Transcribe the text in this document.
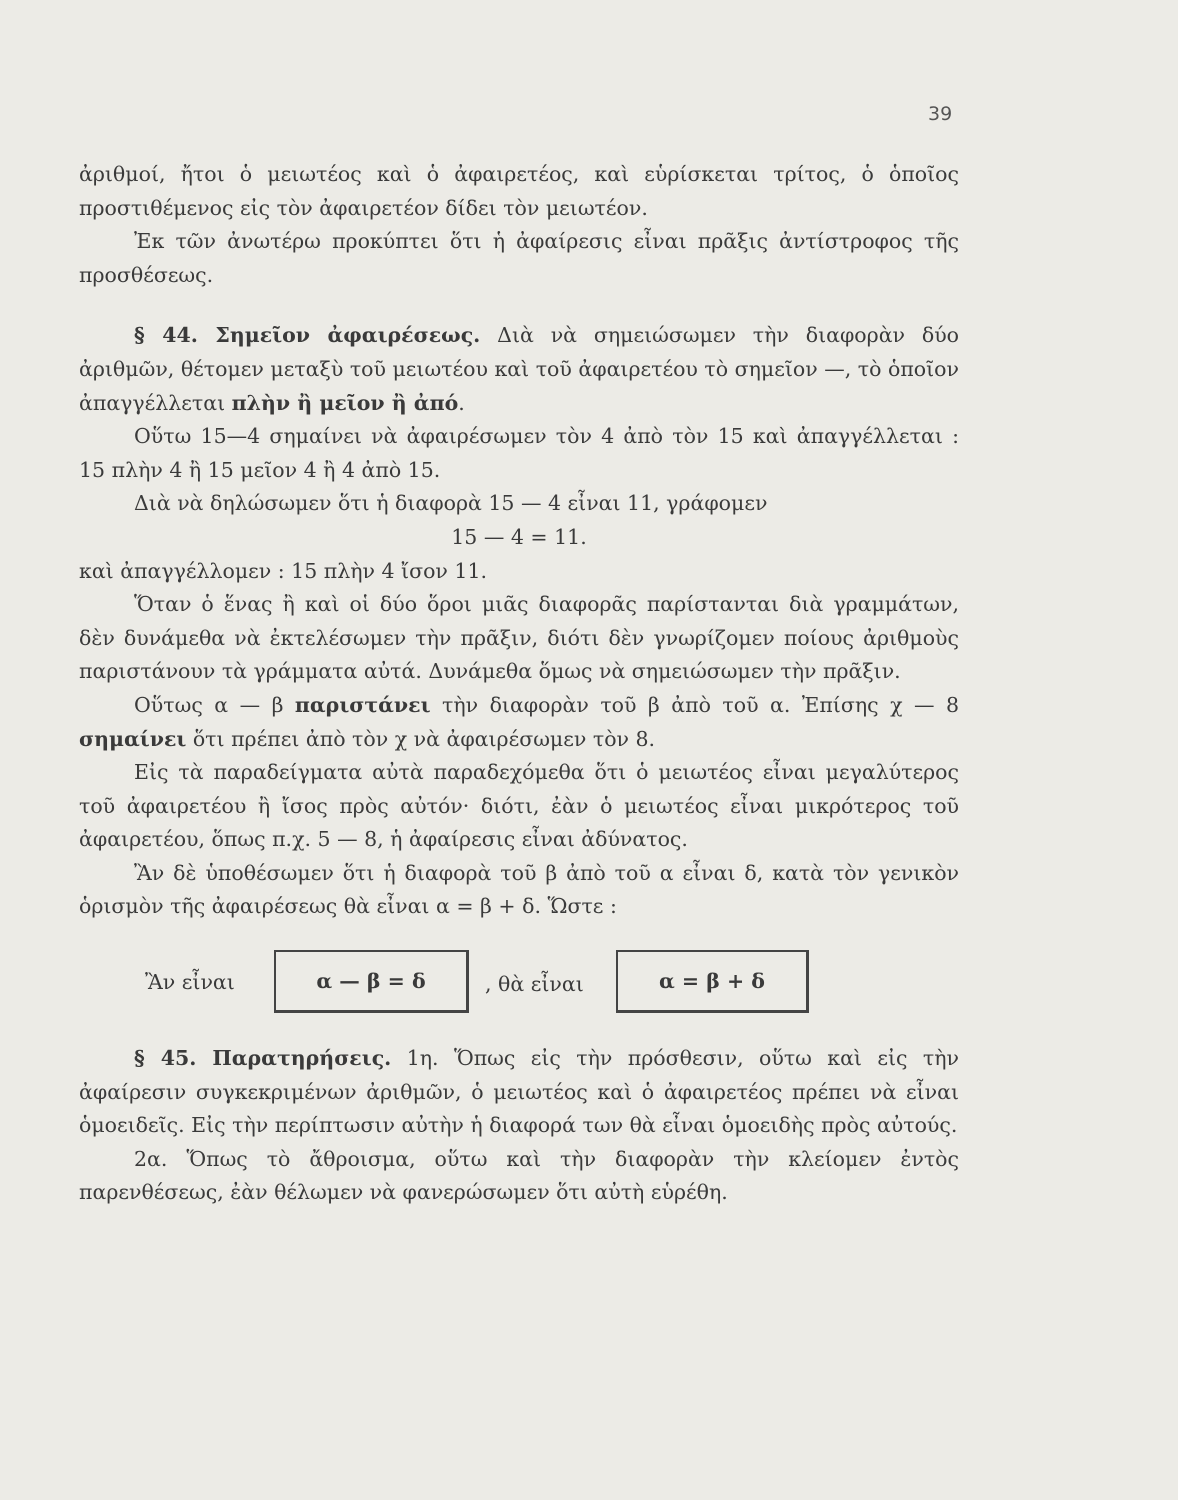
39

ἀριθμοί, ἤτοι ὁ μειωτέος καὶ ὁ ἀφαιρετέος, καὶ εὑρίσκεται τρίτος, ὁ ὁποῖος προστιθέμενος εἰς τὸν ἀφαιρετέον δίδει τὸν μειωτέον.

Ἐκ τῶν ἀνωτέρω προκύπτει ὅτι ἡ ἀφαίρεσις εἶναι πρᾶξις ἀντίστροφος τῆς προσθέσεως.

§ 44. Σημεῖον ἀφαιρέσεως. Διὰ νὰ σημειώσωμεν τὴν διαφορὰν δύο ἀριθμῶν, θέτομεν μεταξὺ τοῦ μειωτέου καὶ τοῦ ἀφαιρετέου τὸ σημεῖον —, τὸ ὁποῖον ἀπαγγέλλεται πλὴν ἢ μεῖον ἢ ἀπό.

Οὕτω 15—4 σημαίνει νὰ ἀφαιρέσωμεν τὸν 4 ἀπὸ τὸν 15 καὶ ἀπαγγέλλεται : 15 πλὴν 4 ἢ 15 μεῖον 4 ἢ 4 ἀπὸ 15.

Διὰ νὰ δηλώσωμεν ὅτι ἡ διαφορὰ 15 — 4 εἶναι 11, γράφομεν

15 — 4 = 11.

καὶ ἀπαγγέλλομεν : 15 πλὴν 4 ἴσον 11.

Ὅταν ὁ ἕνας ἢ καὶ οἱ δύο ὅροι μιᾶς διαφορᾶς παρίστανται διὰ γραμμάτων, δὲν δυνάμεθα νὰ ἐκτελέσωμεν τὴν πρᾶξιν, διότι δὲν γνωρίζομεν ποίους ἀριθμοὺς παριστάνουν τὰ γράμματα αὐτά. Δυνάμεθα ὅμως νὰ σημειώσωμεν τὴν πρᾶξιν.

Οὕτως α — β παριστάνει τὴν διαφορὰν τοῦ β ἀπὸ τοῦ α. Ἐπίσης χ — 8 σημαίνει ὅτι πρέπει ἀπὸ τὸν χ νὰ ἀφαιρέσωμεν τὸν 8.

Εἰς τὰ παραδείγματα αὐτὰ παραδεχόμεθα ὅτι ὁ μειωτέος εἶναι μεγαλύτερος τοῦ ἀφαιρετέου ἢ ἴσος πρὸς αὐτόν· διότι, ἐὰν ὁ μειωτέος εἶναι μικρότερος τοῦ ἀφαιρετέου, ὅπως π.χ. 5 — 8, ἡ ἀφαίρεσις εἶναι ἀδύνατος.

Ἂν δὲ ὑποθέσωμεν ὅτι ἡ διαφορὰ τοῦ β ἀπὸ τοῦ α εἶναι δ, κατὰ τὸν γενικὸν ὁρισμὸν τῆς ἀφαιρέσεως θὰ εἶναι α = β + δ. Ὥστε :

Ἂν εἶναι	α — β = δ	, θὰ εἶναι	α = β + δ

§ 45. Παρατηρήσεις. 1η. Ὅπως εἰς τὴν πρόσθεσιν, οὕτω καὶ εἰς τὴν ἀφαίρεσιν συγκεκριμένων ἀριθμῶν, ὁ μειωτέος καὶ ὁ ἀφαιρετέος πρέπει νὰ εἶναι ὁμοειδεῖς. Εἰς τὴν περίπτωσιν αὐτὴν ἡ διαφορά των θὰ εἶναι ὁμοειδὴς πρὸς αὐτούς.

2α. Ὅπως τὸ ἄθροισμα, οὕτω καὶ τὴν διαφορὰν τὴν κλείομεν ἐντὸς παρενθέσεως, ἐὰν θέλωμεν νὰ φανερώσωμεν ὅτι αὐτὴ εὑρέθη.
